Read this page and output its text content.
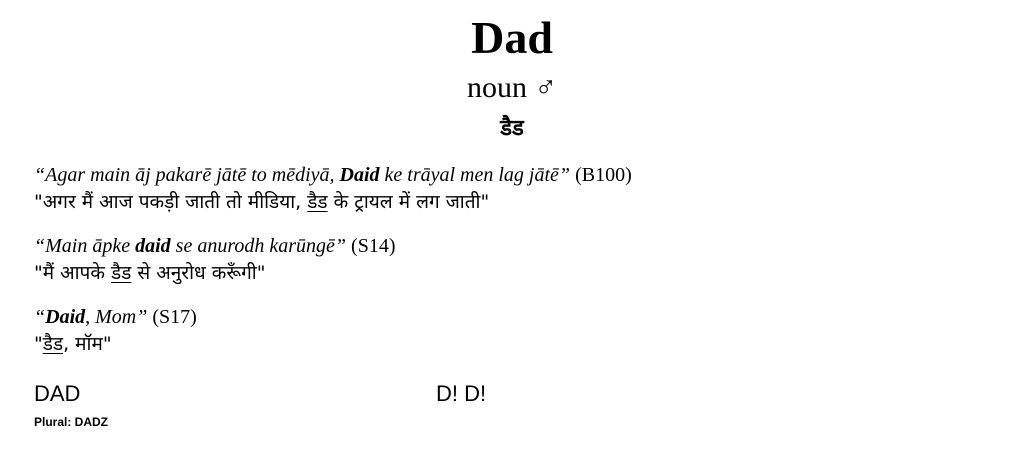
Dad
noun ♂
डैड
“Agar main āj pakarē jātē to mēdiyā, Daid ke trāyal men lag jātē” (B100)
"अगर मैं आज पकड़ी जाती तो मीडिया, डैड के ट्रायल में लग जाती"
“Main āpke daid se anurodh karūngē” (S14)
"मैं आपके डैड से अनुरोध करूँगी"
“Daid, Mom” (S17)
"डैड, मॉम"
DAD	D! D!
Plural: DADZ
